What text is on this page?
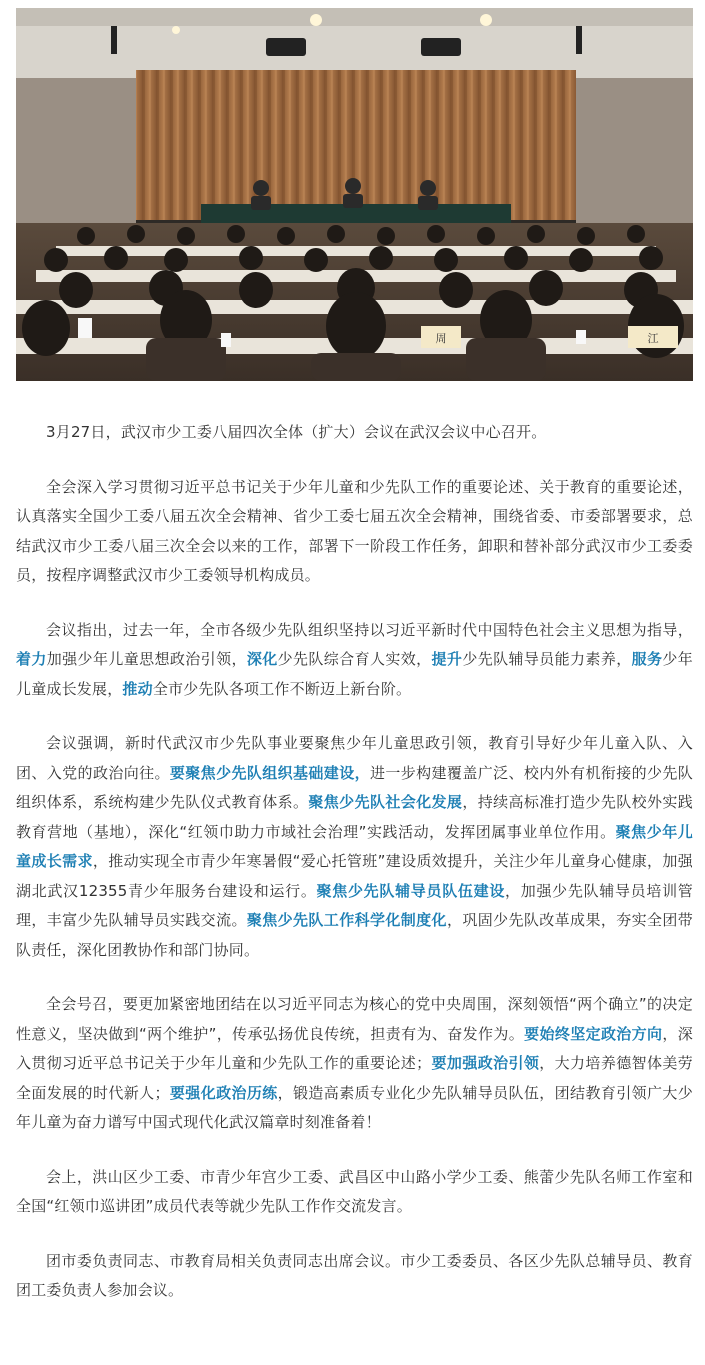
周	江

3月27日，武汉市少工委八届四次全体（扩大）会议在武汉会议中心召开。

全会深入学习贯彻习近平总书记关于少年儿童和少先队工作的重要论述、关于教育的重要论述，认真落实全国少工委八届五次全会精神、省少工委七届五次全会精神，围绕省委、市委部署要求，总结武汉市少工委八届三次全会以来的工作，部署下一阶段工作任务，卸职和替补部分武汉市少工委委员，按程序调整武汉市少工委领导机构成员。

会议指出，过去一年，全市各级少先队组织坚持以习近平新时代中国特色社会主义思想为指导，着力加强少年儿童思想政治引领，深化少先队综合育人实效，提升少先队辅导员能力素养，服务少年儿童成长发展，推动全市少先队各项工作不断迈上新台阶。

会议强调，新时代武汉市少先队事业要聚焦少年儿童思政引领，教育引导好少年儿童入队、入团、入党的政治向往。要聚焦少先队组织基础建设，进一步构建覆盖广泛、校内外有机衔接的少先队组织体系，系统构建少先队仪式教育体系。聚焦少先队社会化发展，持续高标准打造少先队校外实践教育营地（基地），深化“红领巾助力市域社会治理”实践活动，发挥团属事业单位作用。聚焦少年儿童成长需求，推动实现全市青少年寒暑假“爱心托管班”建设质效提升，关注少年儿童身心健康，加强湖北武汉12355青少年服务台建设和运行。聚焦少先队辅导员队伍建设，加强少先队辅导员培训管理，丰富少先队辅导员实践交流。聚焦少先队工作科学化制度化，巩固少先队改革成果，夯实全团带队责任，深化团教协作和部门协同。

全会号召，要更加紧密地团结在以习近平同志为核心的党中央周围，深刻领悟“两个确立”的决定性意义，坚决做到“两个维护”，传承弘扬优良传统，担责有为、奋发作为。要始终坚定政治方向，深入贯彻习近平总书记关于少年儿童和少先队工作的重要论述；要加强政治引领，大力培养德智体美劳全面发展的时代新人；要强化政治历练，锻造高素质专业化少先队辅导员队伍，团结教育引领广大少年儿童为奋力谱写中国式现代化武汉篇章时刻准备着！

会上，洪山区少工委、市青少年宫少工委、武昌区中山路小学少工委、熊蕾少先队名师工作室和全国“红领巾巡讲团”成员代表等就少先队工作作交流发言。

团市委负责同志、市教育局相关负责同志出席会议。市少工委委员、各区少先队总辅导员、教育团工委负责人参加会议。
